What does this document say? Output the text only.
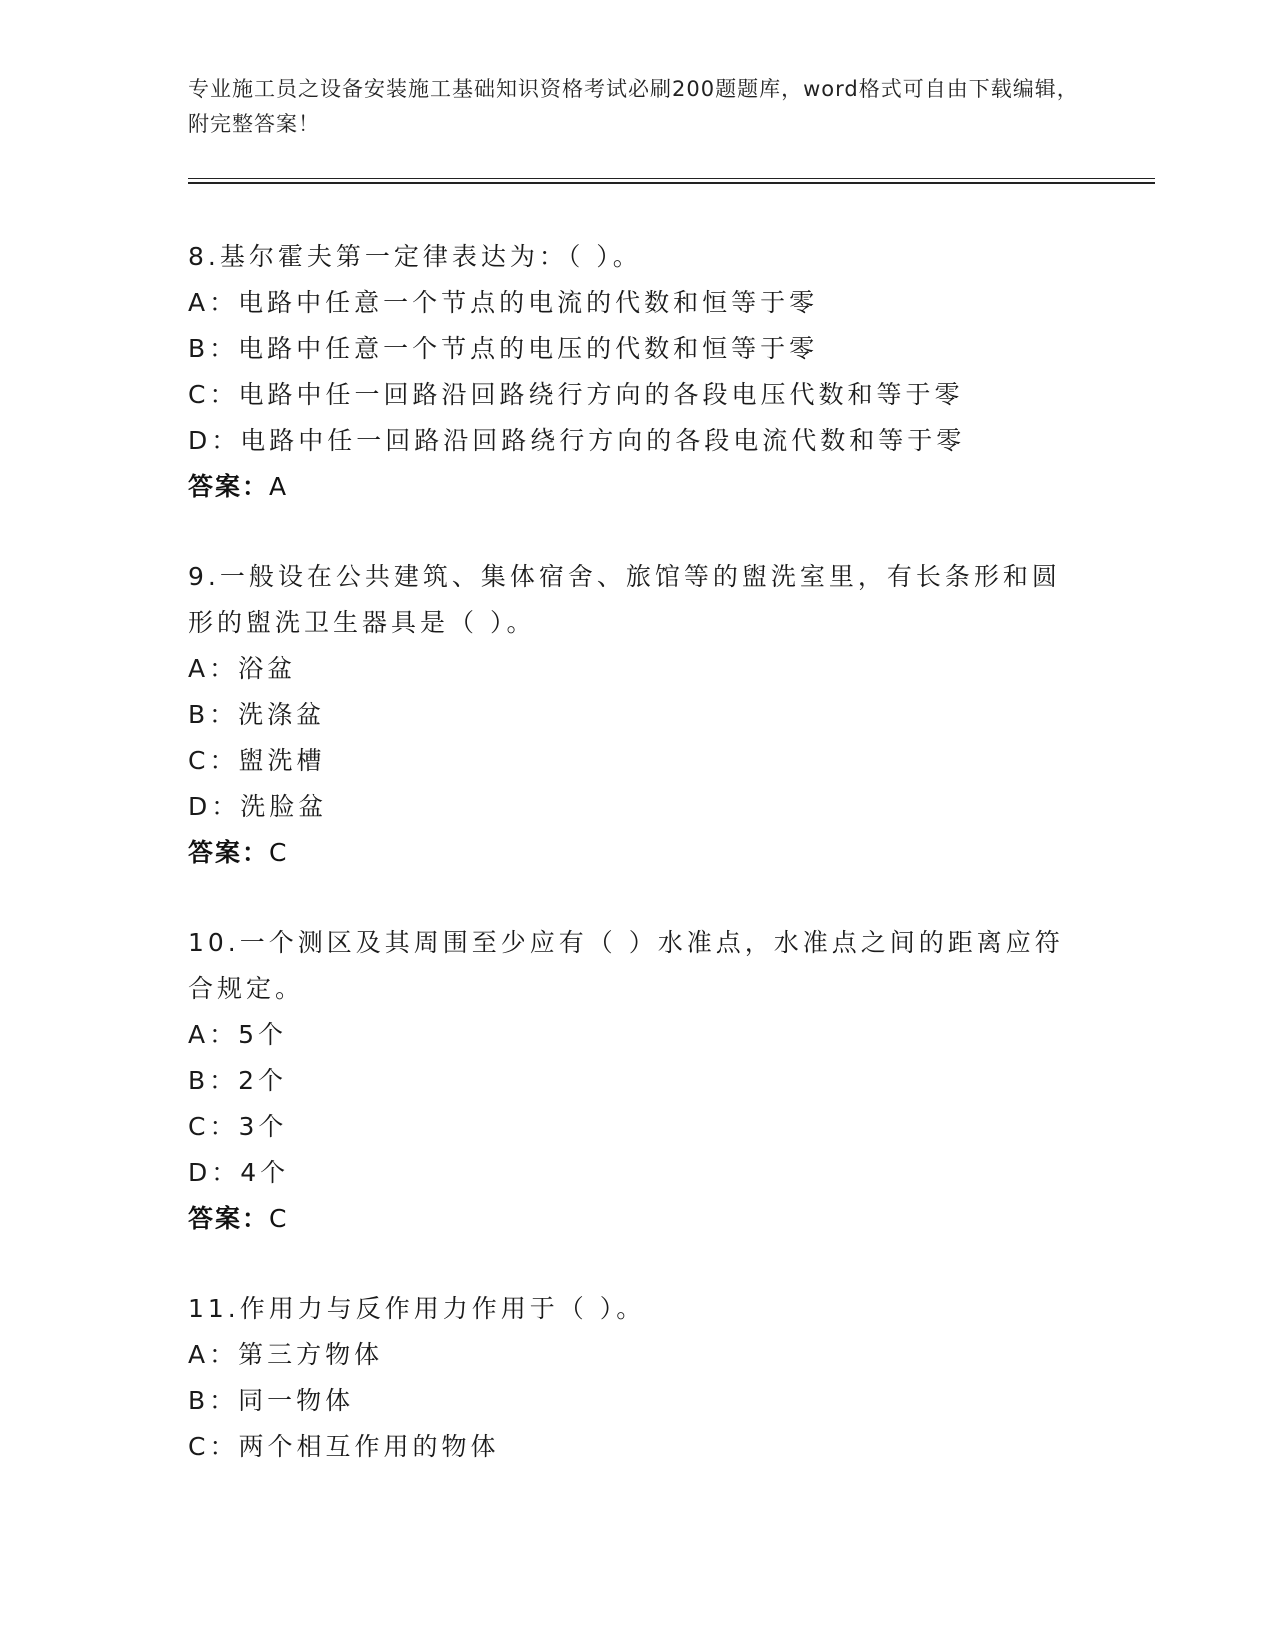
专业施工员之设备安装施工基础知识资格考试必刷200题题库，word格式可自由下载编辑，附完整答案！
8.基尔霍夫第一定律表达为：（ ）。
A：电路中任意一个节点的电流的代数和恒等于零
B：电路中任意一个节点的电压的代数和恒等于零
C：电路中任一回路沿回路绕行方向的各段电压代数和等于零
D：电路中任一回路沿回路绕行方向的各段电流代数和等于零
答案：A
9.一般设在公共建筑、集体宿舍、旅馆等的盥洗室里，有长条形和圆形的盥洗卫生器具是（ ）。
A：浴盆
B：洗涤盆
C：盥洗槽
D：洗脸盆
答案：C
10.一个测区及其周围至少应有（ ）水准点，水准点之间的距离应符合规定。
A：5个
B：2个
C：3个
D：4个
答案：C
11.作用力与反作用力作用于（ ）。
A：第三方物体
B：同一物体
C：两个相互作用的物体
